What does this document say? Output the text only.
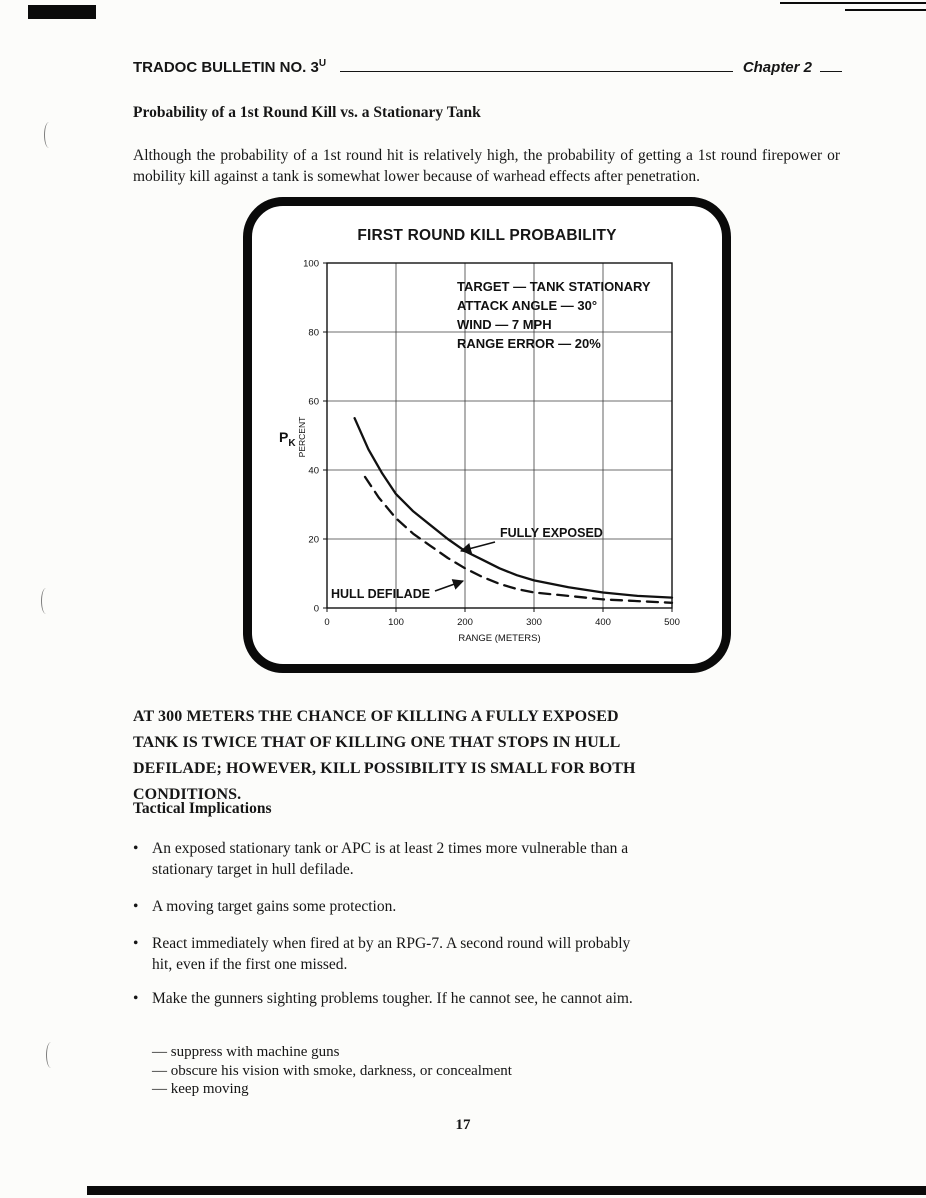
TRADOC BULLETIN NO. $3^U$	Chapter 2
Probability of a 1st Round Kill vs. a Stationary Tank
Although the probability of a 1st round hit is relatively high, the probability of getting a 1st round firepower or mobility kill against a tank is somewhat lower because of warhead effects after penetration.
FIRST ROUND KILL PROBABILITY
0	100	200	300	400	500
0
20
40
60
80
100
RANGE (METERS)
$P_K$ PERCENT
TARGET — TANK STATIONARY
ATTACK ANGLE — 30°
WIND — 7 MPH
RANGE ERROR — 20%
FULLY EXPOSED
HULL DEFILADE
AT 300 METERS THE CHANCE OF KILLING A FULLY EXPOSED TANK IS TWICE THAT OF KILLING ONE THAT STOPS IN HULL DEFILADE; HOWEVER, KILL POSSIBILITY IS SMALL FOR BOTH CONDITIONS.
Tactical Implications
• An exposed stationary tank or APC is at least 2 times more vulnerable than a stationary target in hull defilade.
• A moving target gains some protection.
• React immediately when fired at by an RPG-7. A second round will probably hit, even if the first one missed.
• Make the gunners sighting problems tougher. If he cannot see, he cannot aim.
— suppress with machine guns
— obscure his vision with smoke, darkness, or concealment
— keep moving
17
